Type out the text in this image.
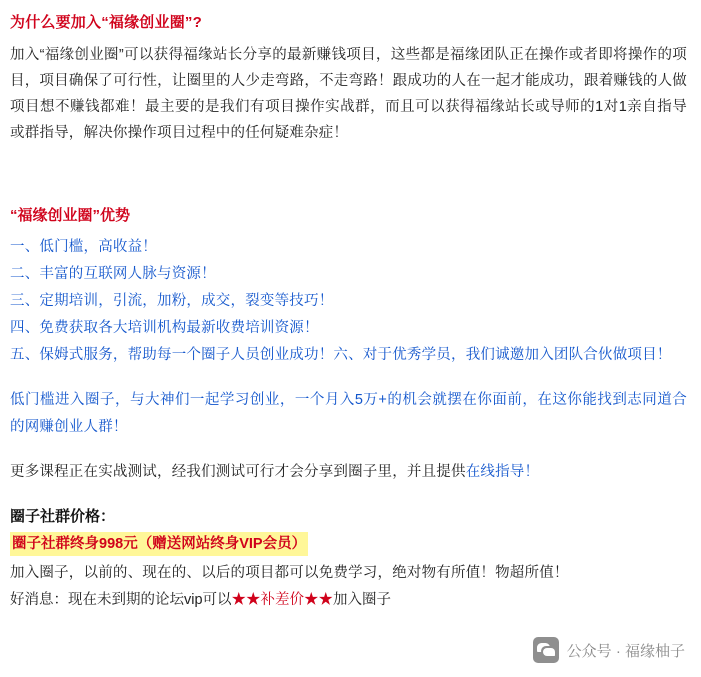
为什么要加入“福缘创业圈”?

加入“福缘创业圈”可以获得福缘站长分享的最新赚钱项目，这些都是福缘团队正在操作或者即将操作的项目，项目确保了可行性，让圈里的人少走弯路，不走弯路！跟成功的人在一起才能成功，跟着赚钱的人做项目想不赚钱都难！最主要的是我们有项目操作实战群，而且可以获得福缘站长或导师的1对1亲自指导或群指导，解决你操作项目过程中的任何疑难杂症！

“福缘创业圈”优势

一、低门槛，高收益！

二、丰富的互联网人脉与资源！

三、定期培训，引流，加粉，成交，裂变等技巧！

四、免费获取各大培训机构最新收费培训资源！

五、保姆式服务，帮助每一个圈子人员创业成功！六、对于优秀学员，我们诚邀加入团队合伙做项目！

低门槛进入圈子，与大神们一起学习创业，一个月入5万+的机会就摆在你面前，在这你能找到志同道合的网赚创业人群！

更多课程正在实战测试，经我们测试可行才会分享到圈子里，并且提供在线指导！

圈子社群价格：
圈子社群终身998元（赠送网站终身VIP会员）

加入圈子，以前的、现在的、以后的项目都可以免费学习，绝对物有所值！物超所值！

好消息：现在未到期的论坛vip可以★★补差价★★加入圈子

公众号 · 福缘柚子
